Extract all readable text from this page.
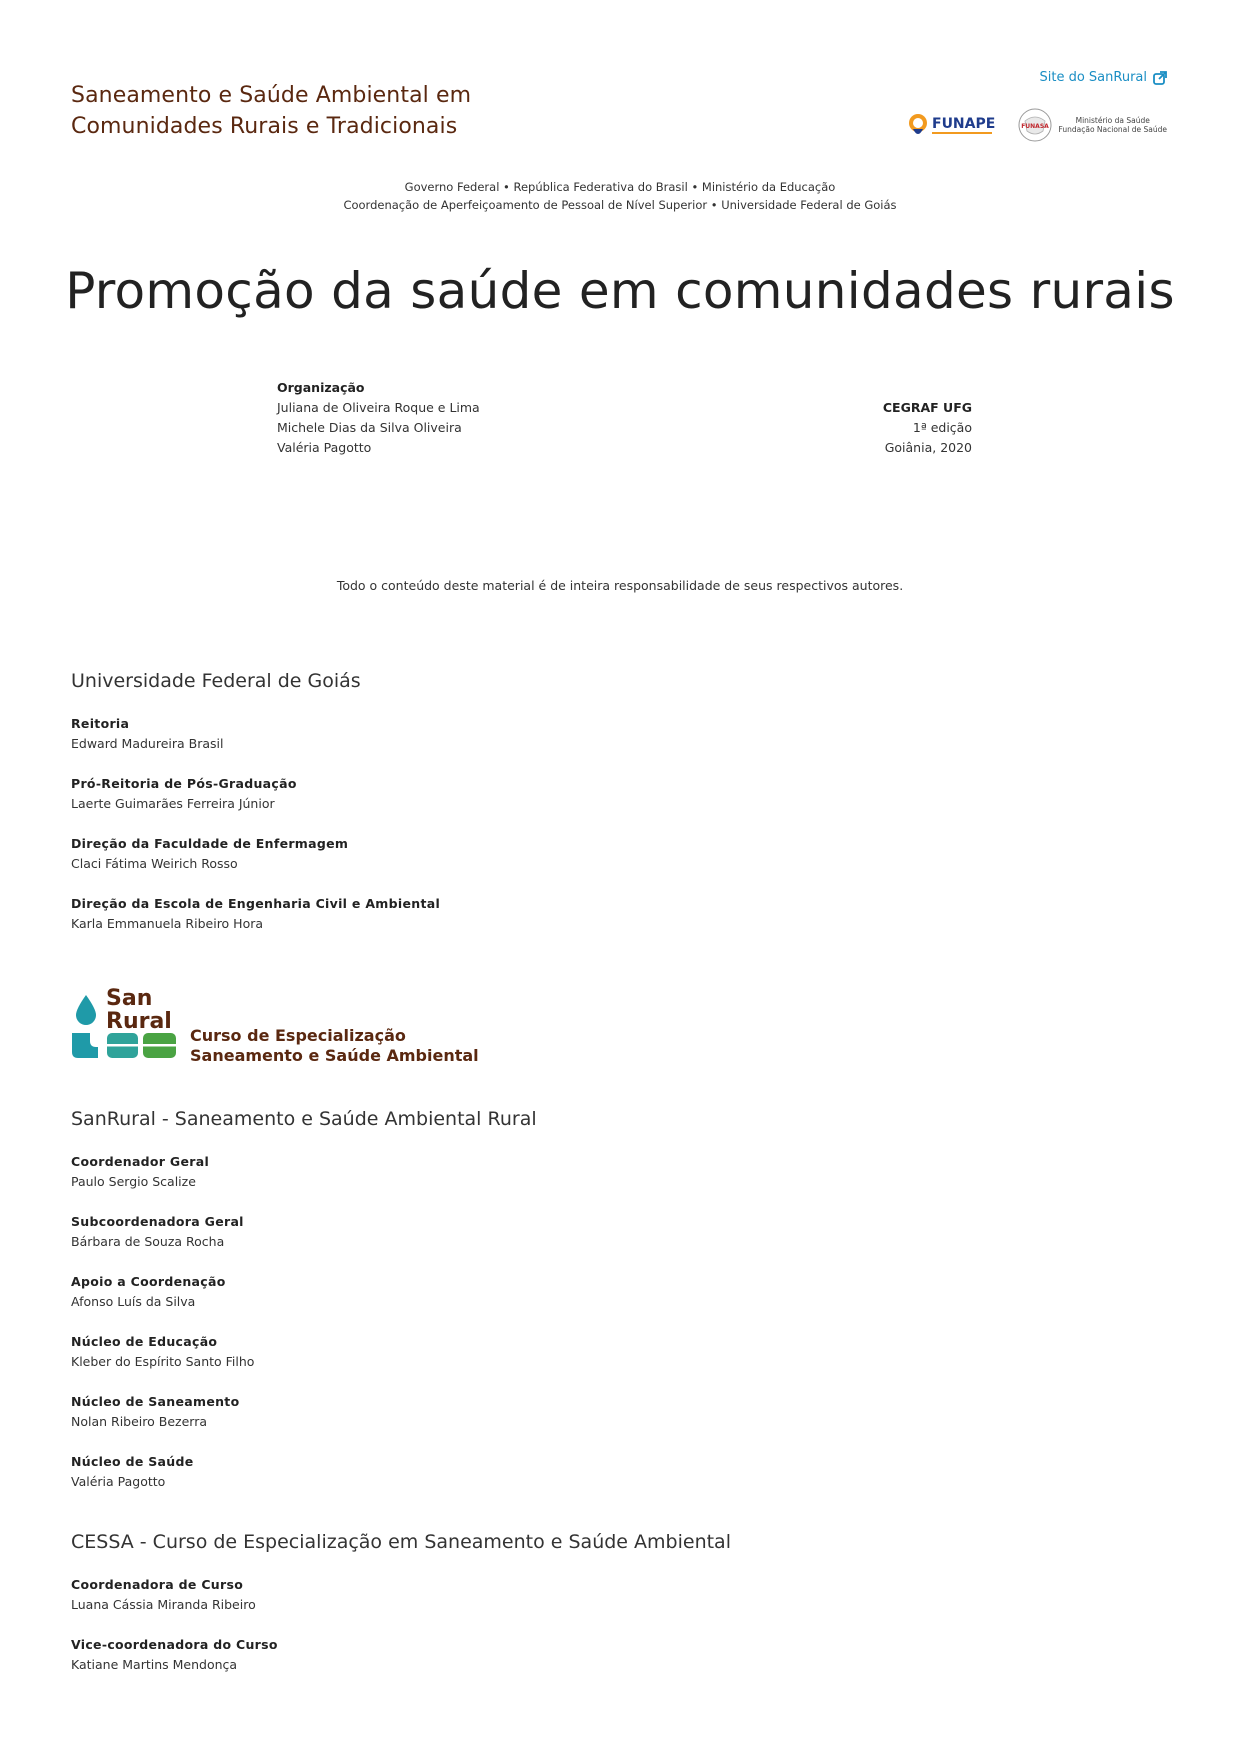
Saneamento e Saúde Ambiental em
Comunidades Rurais e Tradicionais
Site do SanRural
FUNAPE	FUNASA
Ministério da Saúde
Fundação Nacional de Saúde
Governo Federal • República Federativa do Brasil • Ministério da Educação
Coordenação de Aperfeiçoamento de Pessoal de Nível Superior • Universidade Federal de Goiás
Promoção da saúde em comunidades rurais
Organização
Juliana de Oliveira Roque e Lima
Michele Dias da Silva Oliveira
Valéria Pagotto
CEGRAF UFG
1ª edição
Goiânia, 2020
Todo o conteúdo deste material é de inteira responsabilidade de seus respectivos autores.
Universidade Federal de Goiás
Reitoria
Edward Madureira Brasil
Pró-Reitoria de Pós-Graduação
Laerte Guimarães Ferreira Júnior
Direção da Faculdade de Enfermagem
Claci Fátima Weirich Rosso
Direção da Escola de Engenharia Civil e Ambiental
Karla Emmanuela Ribeiro Hora
San
Rural
Curso de Especialização
Saneamento e Saúde Ambiental
SanRural - Saneamento e Saúde Ambiental Rural
Coordenador Geral
Paulo Sergio Scalize
Subcoordenadora Geral
Bárbara de Souza Rocha
Apoio a Coordenação
Afonso Luís da Silva
Núcleo de Educação
Kleber do Espírito Santo Filho
Núcleo de Saneamento
Nolan Ribeiro Bezerra
Núcleo de Saúde
Valéria Pagotto
CESSA - Curso de Especialização em Saneamento e Saúde Ambiental
Coordenadora de Curso
Luana Cássia Miranda Ribeiro
Vice-coordenadora do Curso
Katiane Martins Mendonça
